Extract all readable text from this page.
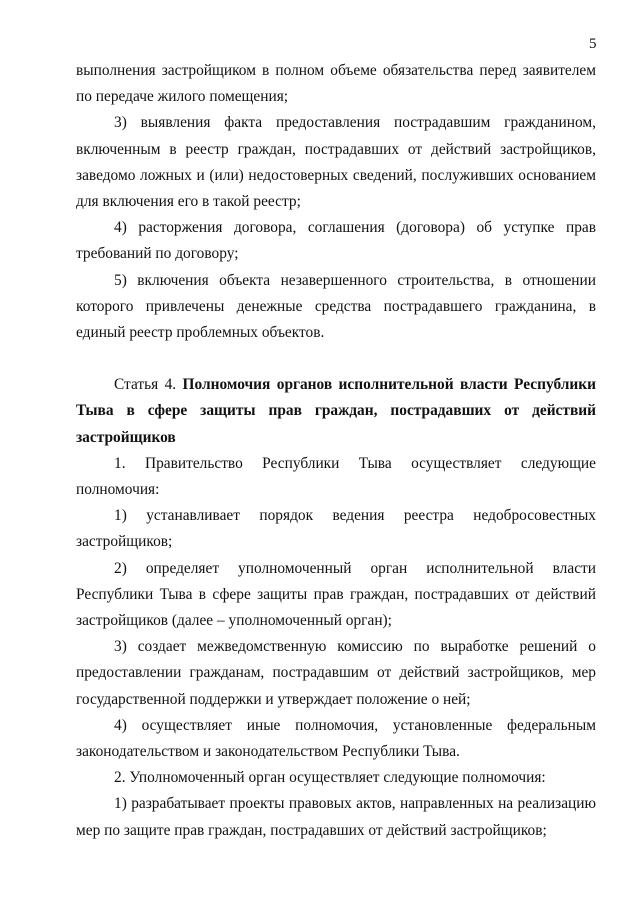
5

выполнения застройщиком в полном объеме обязательства перед заявителем по передаче жилого помещения;

3) выявления факта предоставления пострадавшим гражданином, включенным в реестр граждан, пострадавших от действий застройщиков, заведомо ложных и (или) недостоверных сведений, послуживших основанием для включения его в такой реестр;

4) расторжения договора, соглашения (договора) об уступке прав требований по договору;

5) включения объекта незавершенного строительства, в отношении которого привлечены денежные средства пострадавшего гражданина, в единый реестр проблемных объектов.

Статья 4. Полномочия органов исполнительной власти Республики Тыва в сфере защиты прав граждан, пострадавших от действий застройщиков

1. Правительство Республики Тыва осуществляет следующие полномочия:

1) устанавливает порядок ведения реестра недобросовестных застройщиков;

2) определяет уполномоченный орган исполнительной власти Республики Тыва в сфере защиты прав граждан, пострадавших от действий застройщиков (далее – уполномоченный орган);

3) создает межведомственную комиссию по выработке решений о предоставлении гражданам, пострадавшим от действий застройщиков, мер государственной поддержки и утверждает положение о ней;

4) осуществляет иные полномочия, установленные федеральным законодательством и законодательством Республики Тыва.

2. Уполномоченный орган осуществляет следующие полномочия:

1) разрабатывает проекты правовых актов, направленных на реализацию мер по защите прав граждан, пострадавших от действий застройщиков;
